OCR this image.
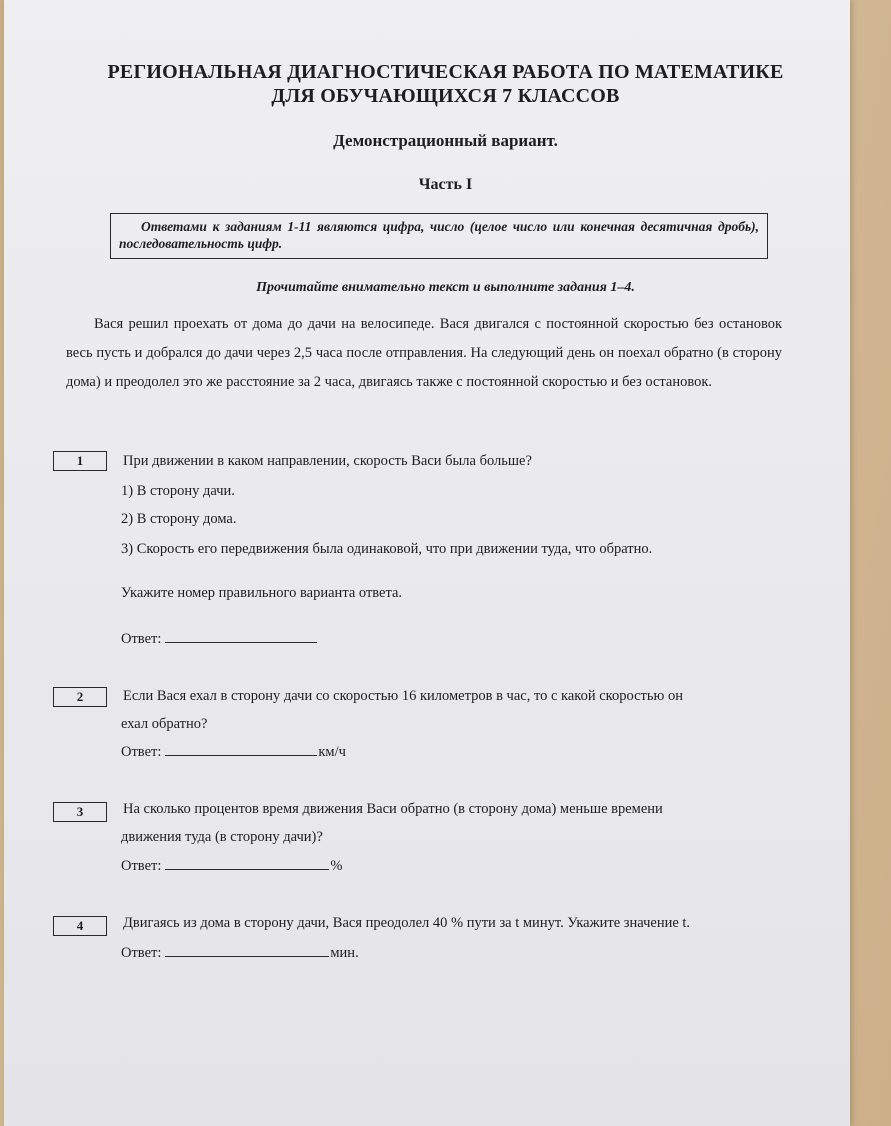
РЕГИОНАЛЬНАЯ ДИАГНОСТИЧЕСКАЯ РАБОТА ПО МАТЕМАТИКЕ
ДЛЯ ОБУЧАЮЩИХСЯ 7 КЛАССОВ
Демонстрационный вариант.
Часть I
Ответами к заданиям 1-11 являются цифра, число (целое число или конечная десятичная дробь), последовательность цифр.
Прочитайте внимательно текст и выполните задания 1–4.
Вася решил проехать от дома до дачи на велосипеде. Вася двигался с постоянной скоростью без остановок весь пусть и добрался до дачи через 2,5 часа после отправления. На следующий день он поехал обратно (в сторону дома) и преодолел это же расстояние за 2 часа, двигаясь также с постоянной скоростью и без остановок.
1	При движении в каком направлении, скорость Васи была больше?
1) В сторону дачи.
2) В сторону дома.
3) Скорость его передвижения была одинаковой, что при движении туда, что обратно.
Укажите номер правильного варианта ответа.
Ответ:
2	Если Вася ехал в сторону дачи со скоростью 16 километров в час, то с какой скоростью он
ехал обратно?
Ответ:	км/ч
3	На сколько процентов время движения Васи обратно (в сторону дома) меньше времени
движения туда (в сторону дачи)?
Ответ:	%
4	Двигаясь из дома в сторону дачи, Вася преодолел 40 % пути за t минут. Укажите значение t.
Ответ:	мин.
